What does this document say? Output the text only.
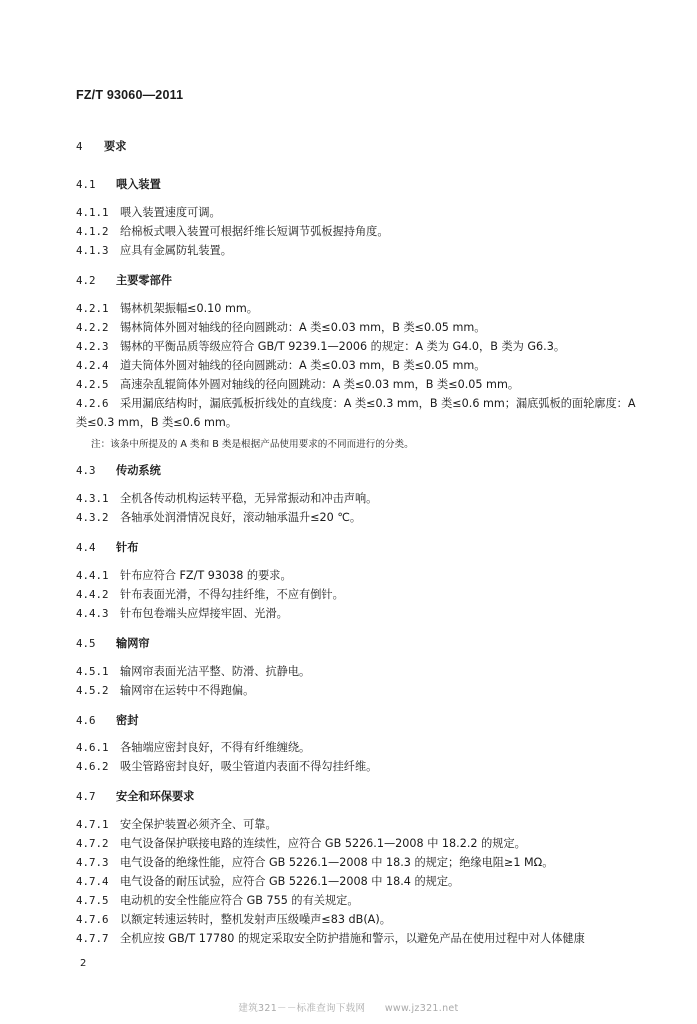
FZ/T 93060—2011
4 要求
4.1 喂入装置
4.1.1 喂入装置速度可调。
4.1.2 给棉板式喂入装置可根据纤维长短调节弧板握持角度。
4.1.3 应具有金属防轧装置。
4.2 主要零部件
4.2.1 锡林机架振幅≤0.10 mm。
4.2.2 锡林筒体外圆对轴线的径向圆跳动：A 类≤0.03 mm，B 类≤0.05 mm。
4.2.3 锡林的平衡品质等级应符合 GB/T 9239.1—2006 的规定：A 类为 G4.0，B 类为 G6.3。
4.2.4 道夫筒体外圆对轴线的径向圆跳动：A 类≤0.03 mm，B 类≤0.05 mm。
4.2.5 高速杂乱辊筒体外圆对轴线的径向圆跳动：A 类≤0.03 mm，B 类≤0.05 mm。
4.2.6 采用漏底结构时，漏底弧板折线处的直线度：A 类≤0.3 mm，B 类≤0.6 mm；漏底弧板的面轮廓度：A 类≤0.3 mm，B 类≤0.6 mm。
注：该条中所提及的 A 类和 B 类是根据产品使用要求的不同而进行的分类。
4.3 传动系统
4.3.1 全机各传动机构运转平稳，无异常振动和冲击声响。
4.3.2 各轴承处润滑情况良好，滚动轴承温升≤20 ℃。
4.4 针布
4.4.1 针布应符合 FZ/T 93038 的要求。
4.4.2 针布表面光滑，不得勾挂纤维，不应有倒针。
4.4.3 针布包卷端头应焊接牢固、光滑。
4.5 输网帘
4.5.1 输网帘表面光洁平整、防滑、抗静电。
4.5.2 输网帘在运转中不得跑偏。
4.6 密封
4.6.1 各轴端应密封良好，不得有纤维缠绕。
4.6.2 吸尘管路密封良好，吸尘管道内表面不得勾挂纤维。
4.7 安全和环保要求
4.7.1 安全保护装置必须齐全、可靠。
4.7.2 电气设备保护联接电路的连续性，应符合 GB 5226.1—2008 中 18.2.2 的规定。
4.7.3 电气设备的绝缘性能，应符合 GB 5226.1—2008 中 18.3 的规定；绝缘电阻≥1 MΩ。
4.7.4 电气设备的耐压试验，应符合 GB 5226.1—2008 中 18.4 的规定。
4.7.5 电动机的安全性能应符合 GB 755 的有关规定。
4.7.6 以额定转速运转时，整机发射声压级噪声≤83 dB(A)。
4.7.7 全机应按 GB/T 17780 的规定采取安全防护措施和警示，以避免产品在使用过程中对人体健康
2
建筑321－－标准查询下载网　　www.jz321.net
